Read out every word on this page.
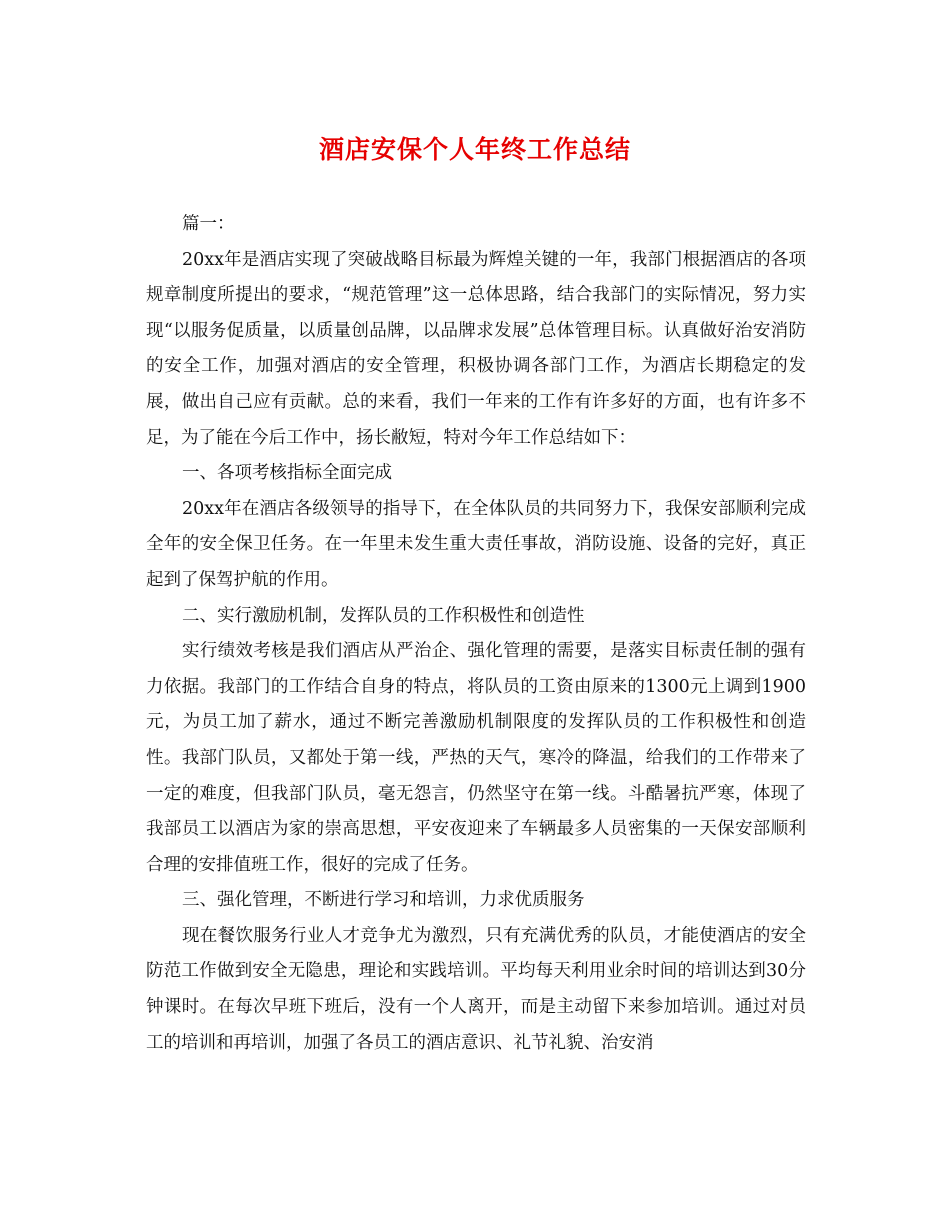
酒店安保个人年终工作总结

篇一：

20xx年是酒店实现了突破战略目标最为辉煌关键的一年，我部门根据酒店的各项规章制度所提出的要求，“规范管理”这一总体思路，结合我部门的实际情况，努力实现“以服务促质量，以质量创品牌，以品牌求发展”总体管理目标。认真做好治安消防的安全工作，加强对酒店的安全管理，积极协调各部门工作，为酒店长期稳定的发展，做出自己应有贡献。总的来看，我们一年来的工作有许多好的方面，也有许多不足，为了能在今后工作中，扬长敝短，特对今年工作总结如下：

一、各项考核指标全面完成

20xx年在酒店各级领导的指导下，在全体队员的共同努力下，我保安部顺利完成全年的安全保卫任务。在一年里未发生重大责任事故，消防设施、设备的完好，真正起到了保驾护航的作用。

二、实行激励机制，发挥队员的工作积极性和创造性

实行绩效考核是我们酒店从严治企、强化管理的需要，是落实目标责任制的强有力依据。我部门的工作结合自身的特点，将队员的工资由原来的1300元上调到1900元，为员工加了薪水，通过不断完善激励机制限度的发挥队员的工作积极性和创造性。我部门队员，又都处于第一线，严热的天气，寒冷的降温，给我们的工作带来了一定的难度，但我部门队员，毫无怨言，仍然坚守在第一线。斗酷暑抗严寒，体现了我部员工以酒店为家的崇高思想，平安夜迎来了车辆最多人员密集的一天保安部顺利合理的安排值班工作，很好的完成了任务。

三、强化管理，不断进行学习和培训，力求优质服务

现在餐饮服务行业人才竞争尤为激烈，只有充满优秀的队员，才能使酒店的安全防范工作做到安全无隐患，理论和实践培训。平均每天利用业余时间的培训达到30分钟课时。在每次早班下班后，没有一个人离开，而是主动留下来参加培训。通过对员工的培训和再培训，加强了各员工的酒店意识、礼节礼貌、治安消
